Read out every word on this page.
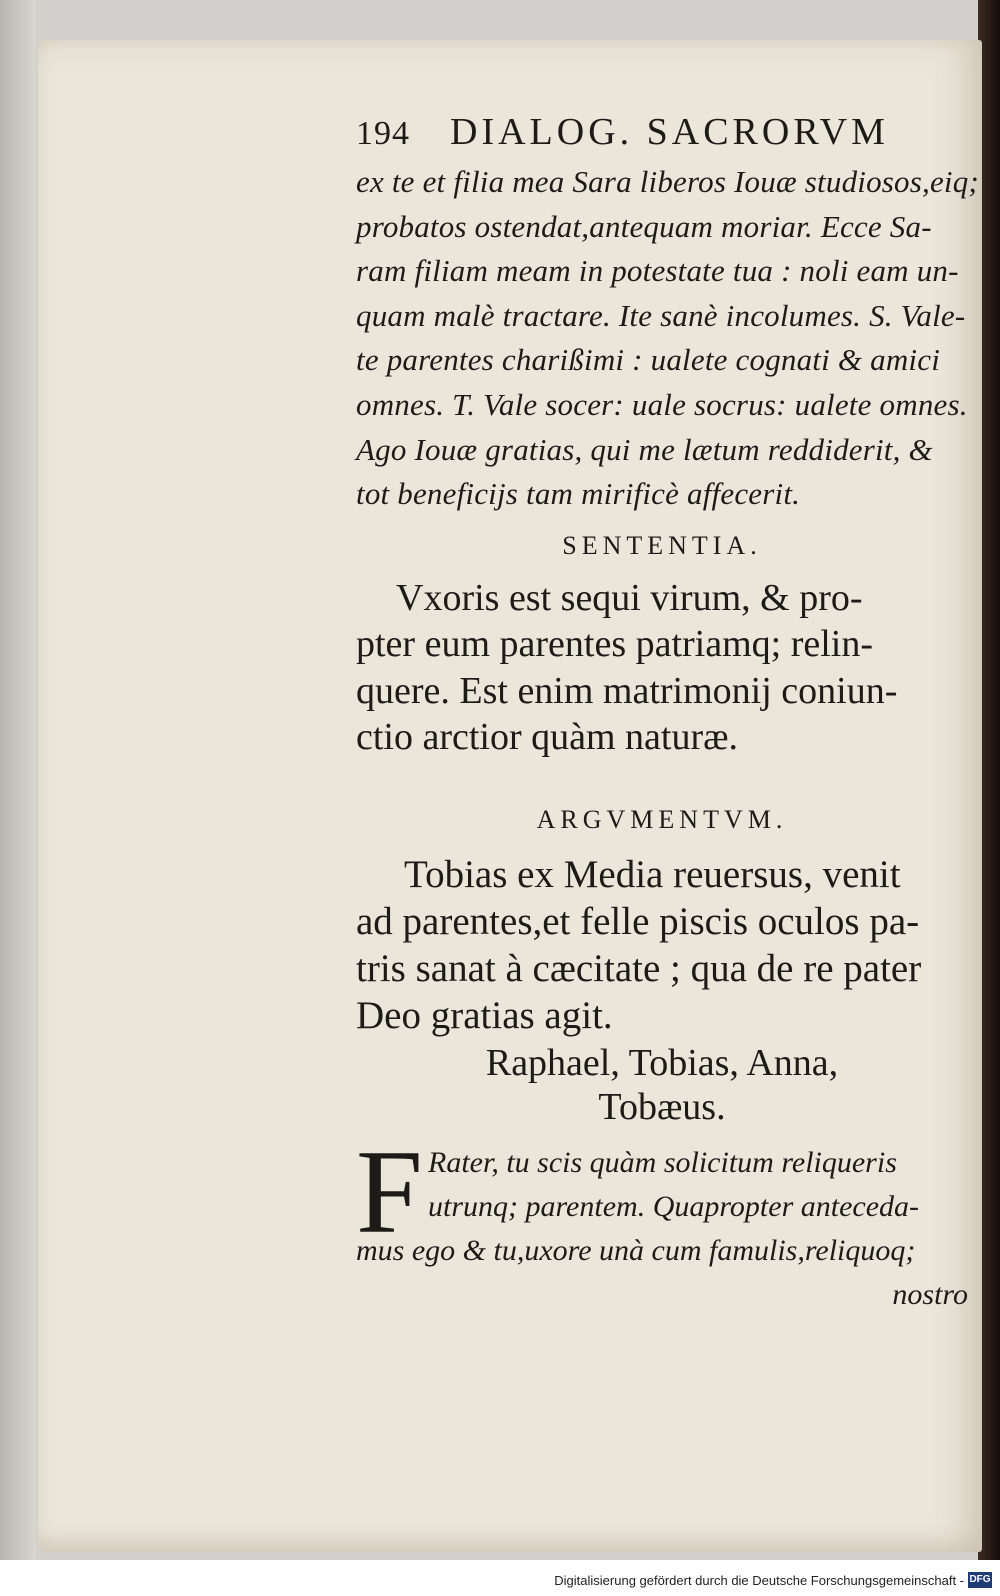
194 DIALOG. SACRORVM
ex te et filia mea Sara liberos Iouæ studiosos,eiq;
probatos ostendat,antequam moriar. Ecce Sa-
ram filiam meam in potestate tua : noli eam un-
quam malè tractare. Ite sanè incolumes. S. Vale-
te parentes charißimi : ualete cognati & amici
omnes. T. Vale socer: uale socrus: ualete omnes.
Ago Iouæ gratias, qui me lætum reddiderit, &
tot beneficijs tam mirificè affecerit.
SENTENTIA.
Vxoris est sequi virum, & pro-
pter eum parentes patriamq; relin-
quere. Est enim matrimonij coniun-
ctio arctior quàm naturæ.
ARGVMENTVM.
Tobias ex Media reuersus, venit
ad parentes,et felle piscis oculos pa-
tris sanat à cæcitate ; qua de re pater
Deo gratias agit.
Raphael, Tobias, Anna,
Tobæus.
F Rater, tu scis quàm solicitum reliqueris
utrunq; parentem. Quapropter anteceda-
mus ego & tu,uxore unà cum famulis,reliquoq;
nostro
Digitalisierung gefördert durch die Deutsche Forschungsgemeinschaft - DFG
